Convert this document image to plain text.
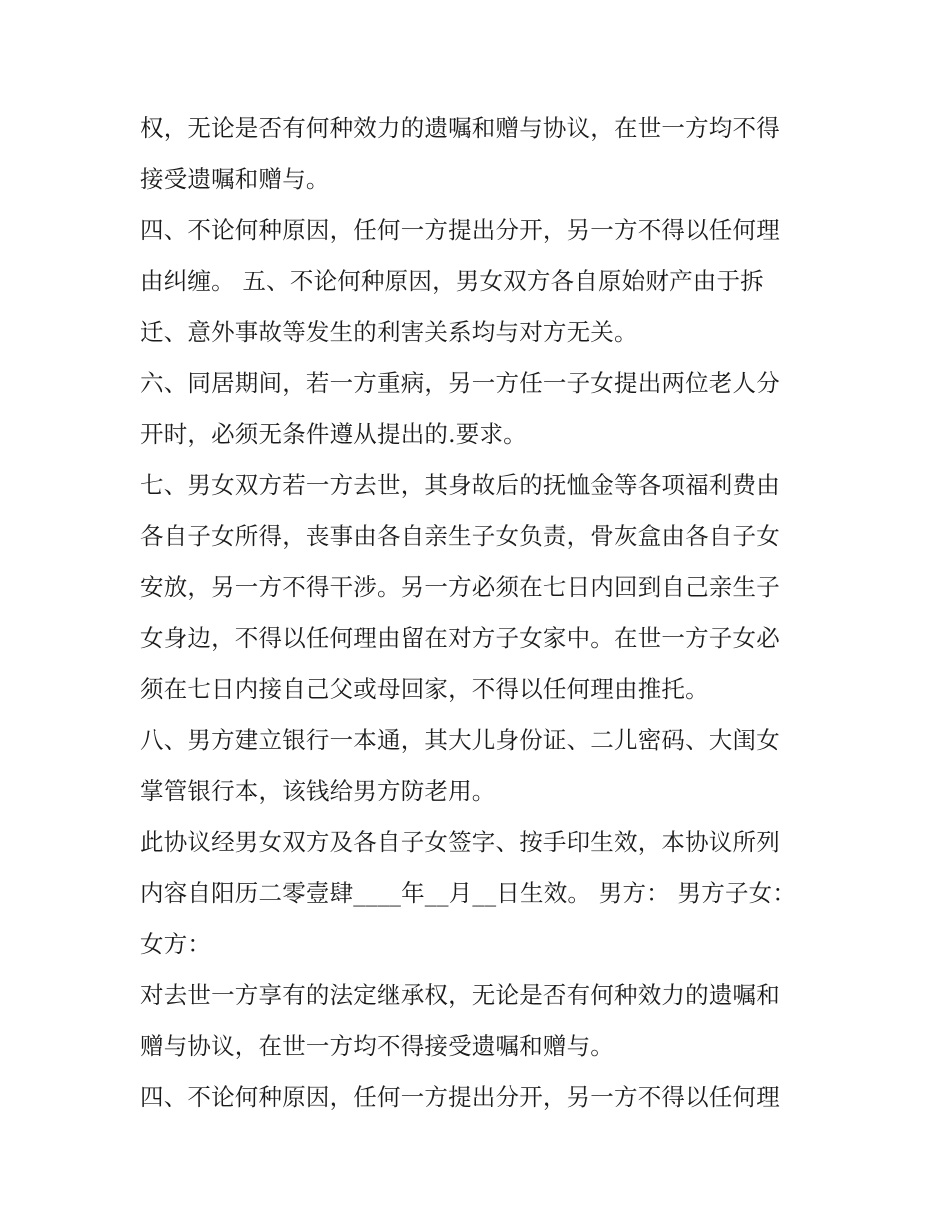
权，无论是否有何种效力的遗嘱和赠与协议，在世一方均不得
接受遗嘱和赠与。
四、不论何种原因，任何一方提出分开，另一方不得以任何理
由纠缠。 五、不论何种原因，男女双方各自原始财产由于拆
迁、意外事故等发生的利害关系均与对方无关。
六、同居期间，若一方重病，另一方任一子女提出两位老人分
开时，必须无条件遵从提出的.要求。
七、男女双方若一方去世，其身故后的抚恤金等各项福利费由
各自子女所得，丧事由各自亲生子女负责，骨灰盒由各自子女
安放，另一方不得干涉。另一方必须在七日内回到自己亲生子
女身边，不得以任何理由留在对方子女家中。在世一方子女必
须在七日内接自己父或母回家，不得以任何理由推托。
八、男方建立银行一本通，其大儿身份证、二儿密码、大闺女
掌管银行本，该钱给男方防老用。
此协议经男女双方及各自子女签字、按手印生效，本协议所列
内容自阳历二零壹肆____年__月__日生效。 男方： 男方子女：
女方：
对去世一方享有的法定继承权，无论是否有何种效力的遗嘱和
赠与协议，在世一方均不得接受遗嘱和赠与。
四、不论何种原因，任何一方提出分开，另一方不得以任何理
